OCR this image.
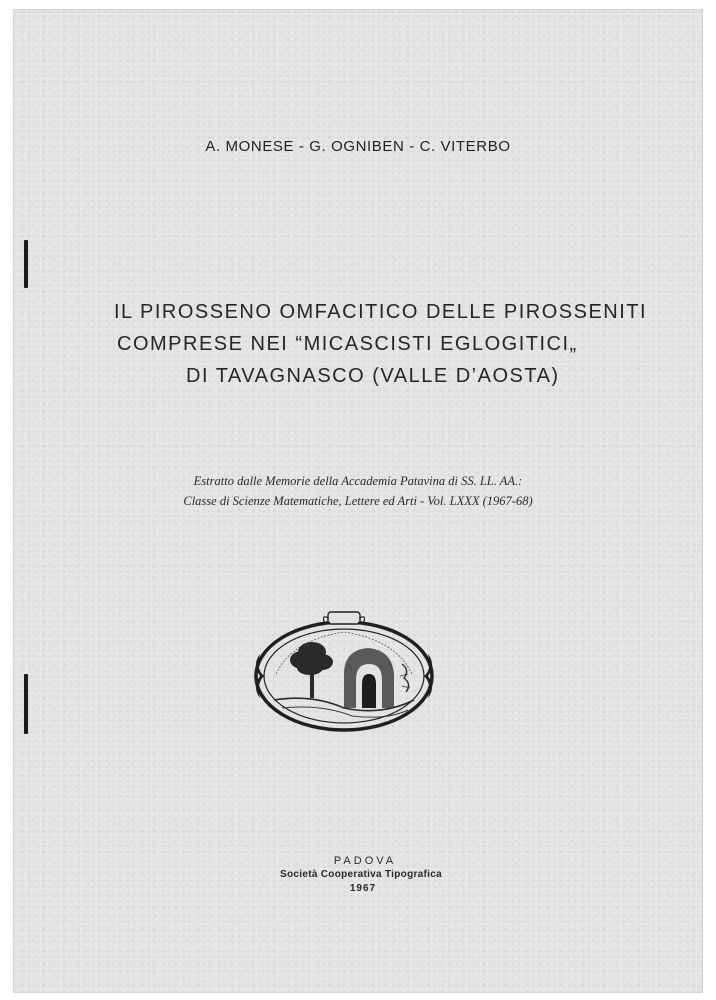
A. MONESE - G. OGNIBEN - C. VITERBO

IL PIROSSENO OMFACITICO DELLE PIROSSENITI
COMPRESE NEI “MICASCISTI EGLOGITICI„
DI TAVAGNASCO (VALLE D’AOSTA)

Estratto dalle Memorie della Accademia Patavina di SS. LL. AA.:
Classe di Scienze Matematiche, Lettere ed Arti - Vol. LXXX (1967-68)

PADOVA
Società Cooperativa Tipografica
1967
